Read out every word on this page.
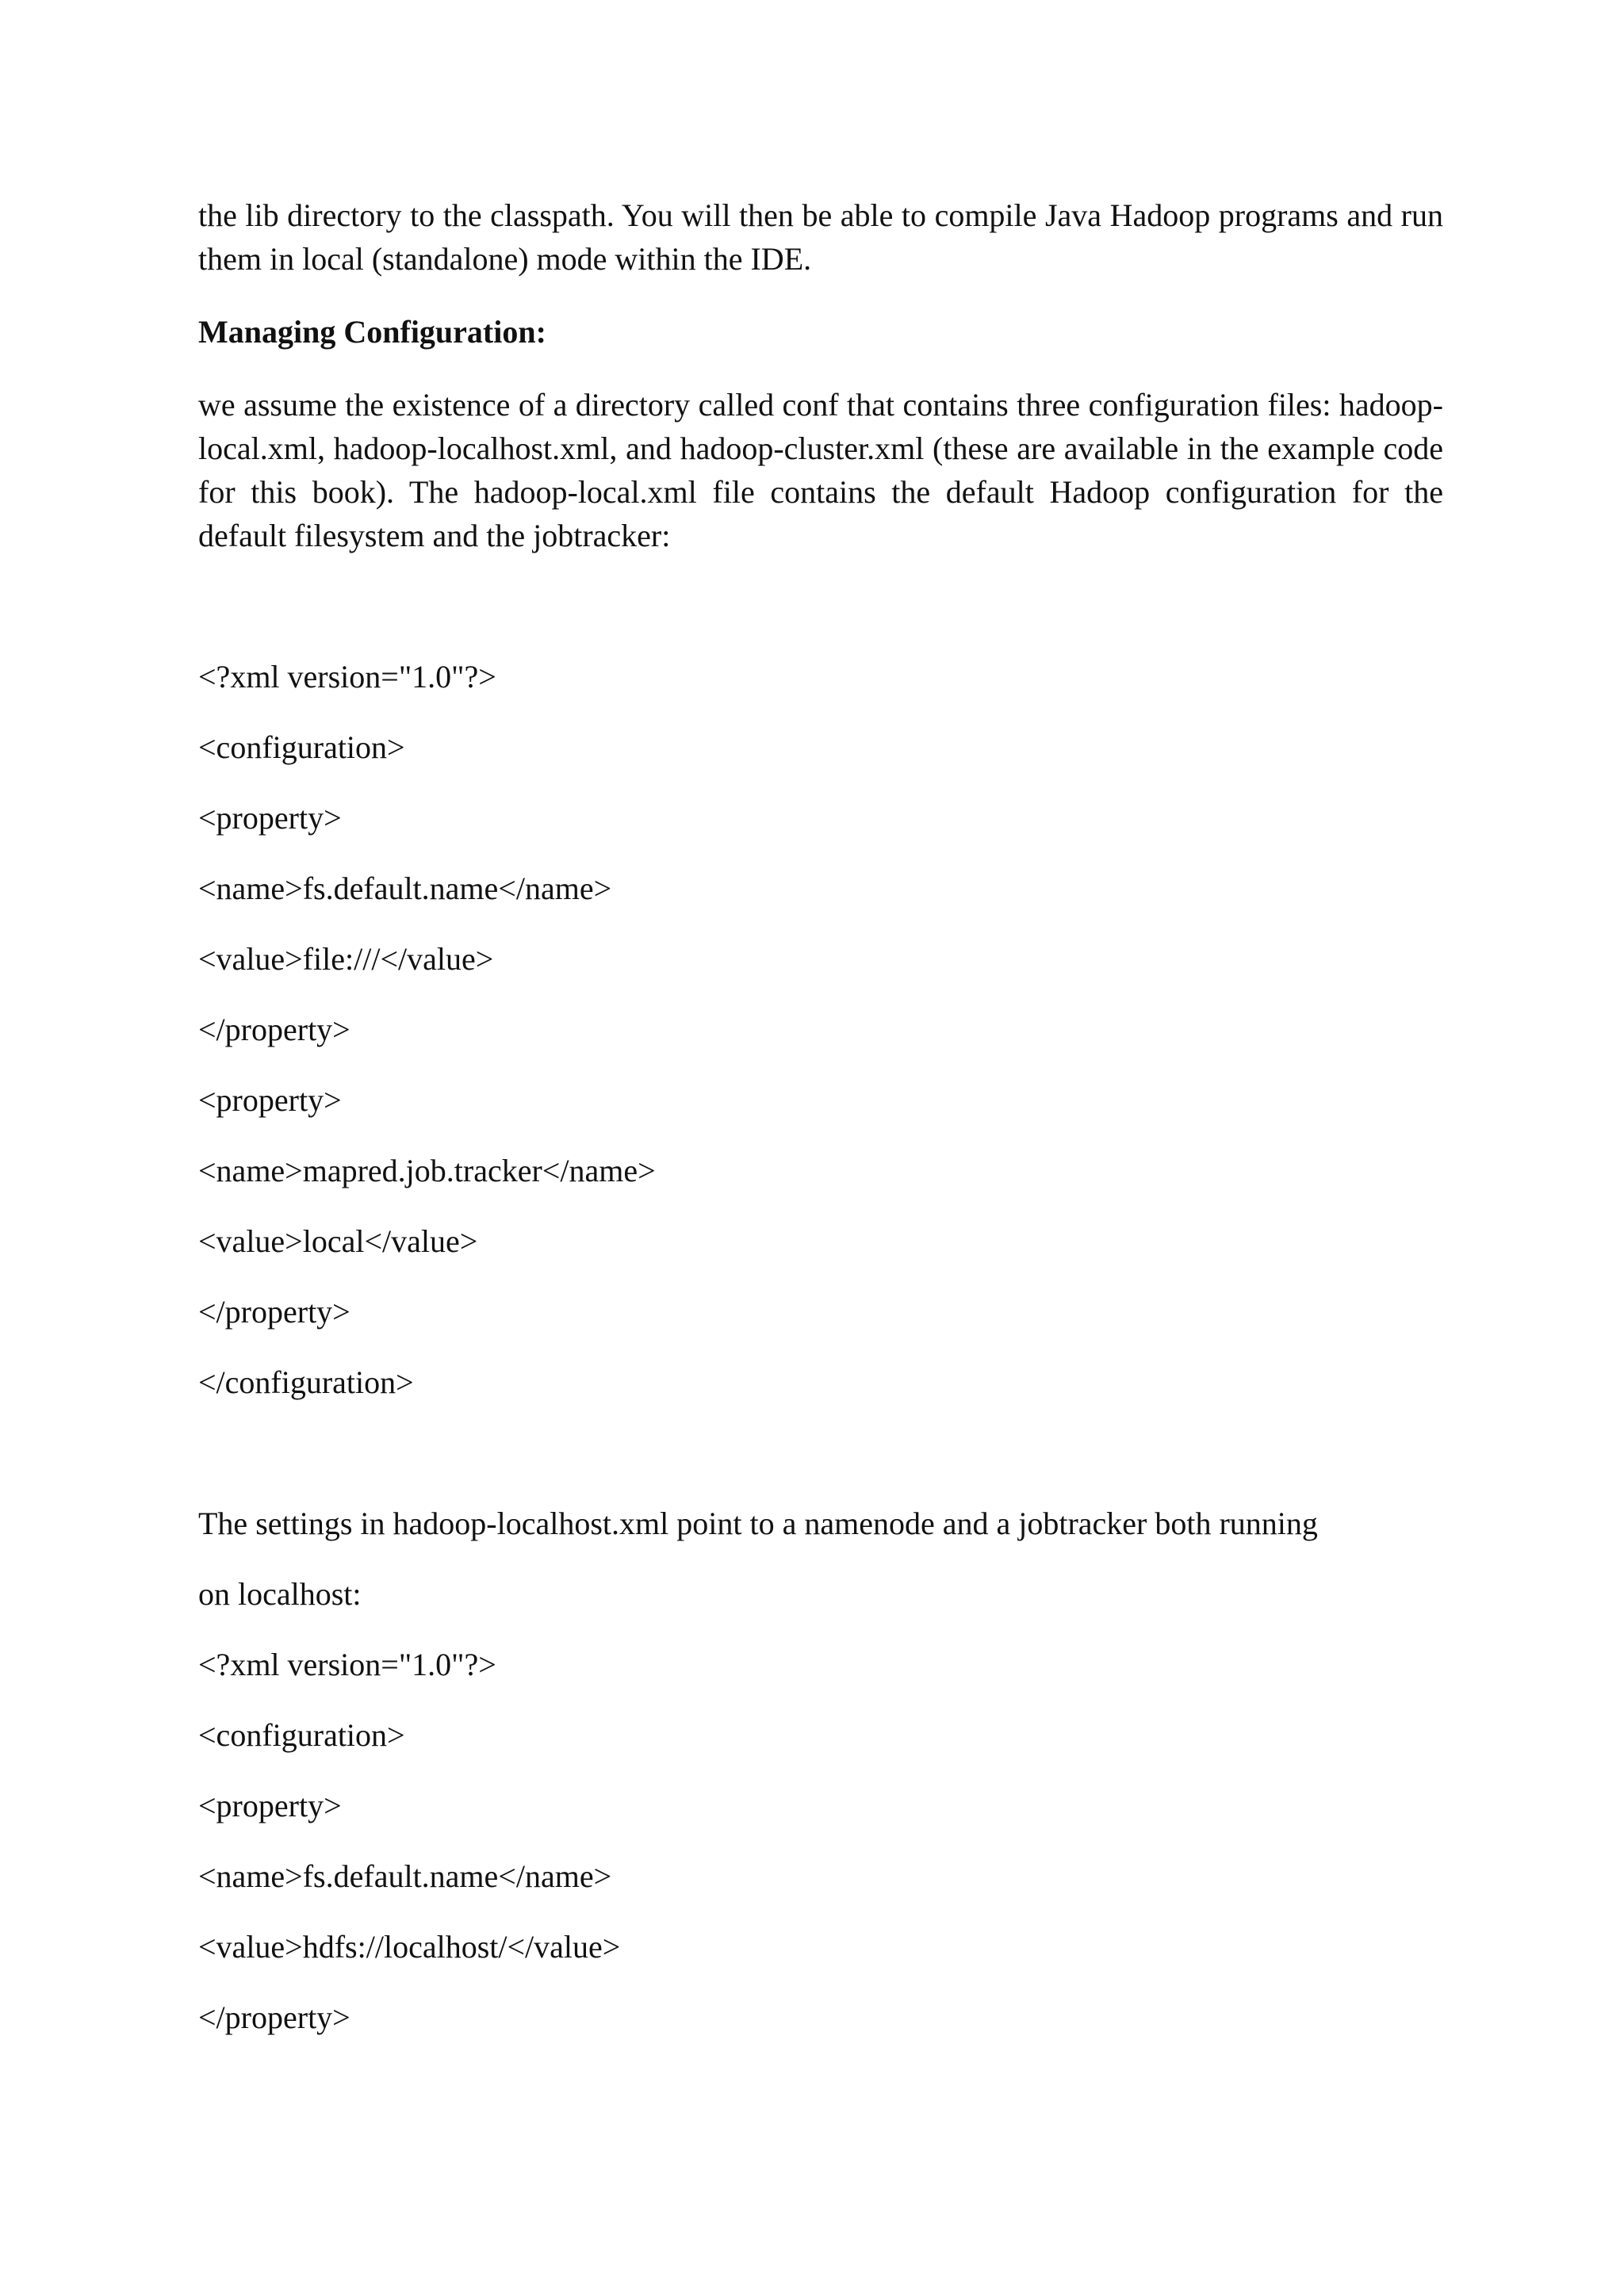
the lib directory to the classpath. You will then be able to compile Java Hadoop programs and run them in local (standalone) mode within the IDE.

Managing Configuration:

we assume the existence of a directory called conf that contains three configuration files: hadoop-local.xml, hadoop-localhost.xml, and hadoop-cluster.xml (these are available in the example code for this book). The hadoop-local.xml file contains the default Hadoop configuration for the default filesystem and the jobtracker:

<?xml version="1.0"?>
<configuration>
<property>
<name>fs.default.name</name>
<value>file:///</value>
</property>
<property>
<name>mapred.job.tracker</name>
<value>local</value>
</property>
</configuration>
The settings in hadoop-localhost.xml point to a namenode and a jobtracker both running
on localhost:
<?xml version="1.0"?>
<configuration>
<property>
<name>fs.default.name</name>
<value>hdfs://localhost/</value>
</property>
